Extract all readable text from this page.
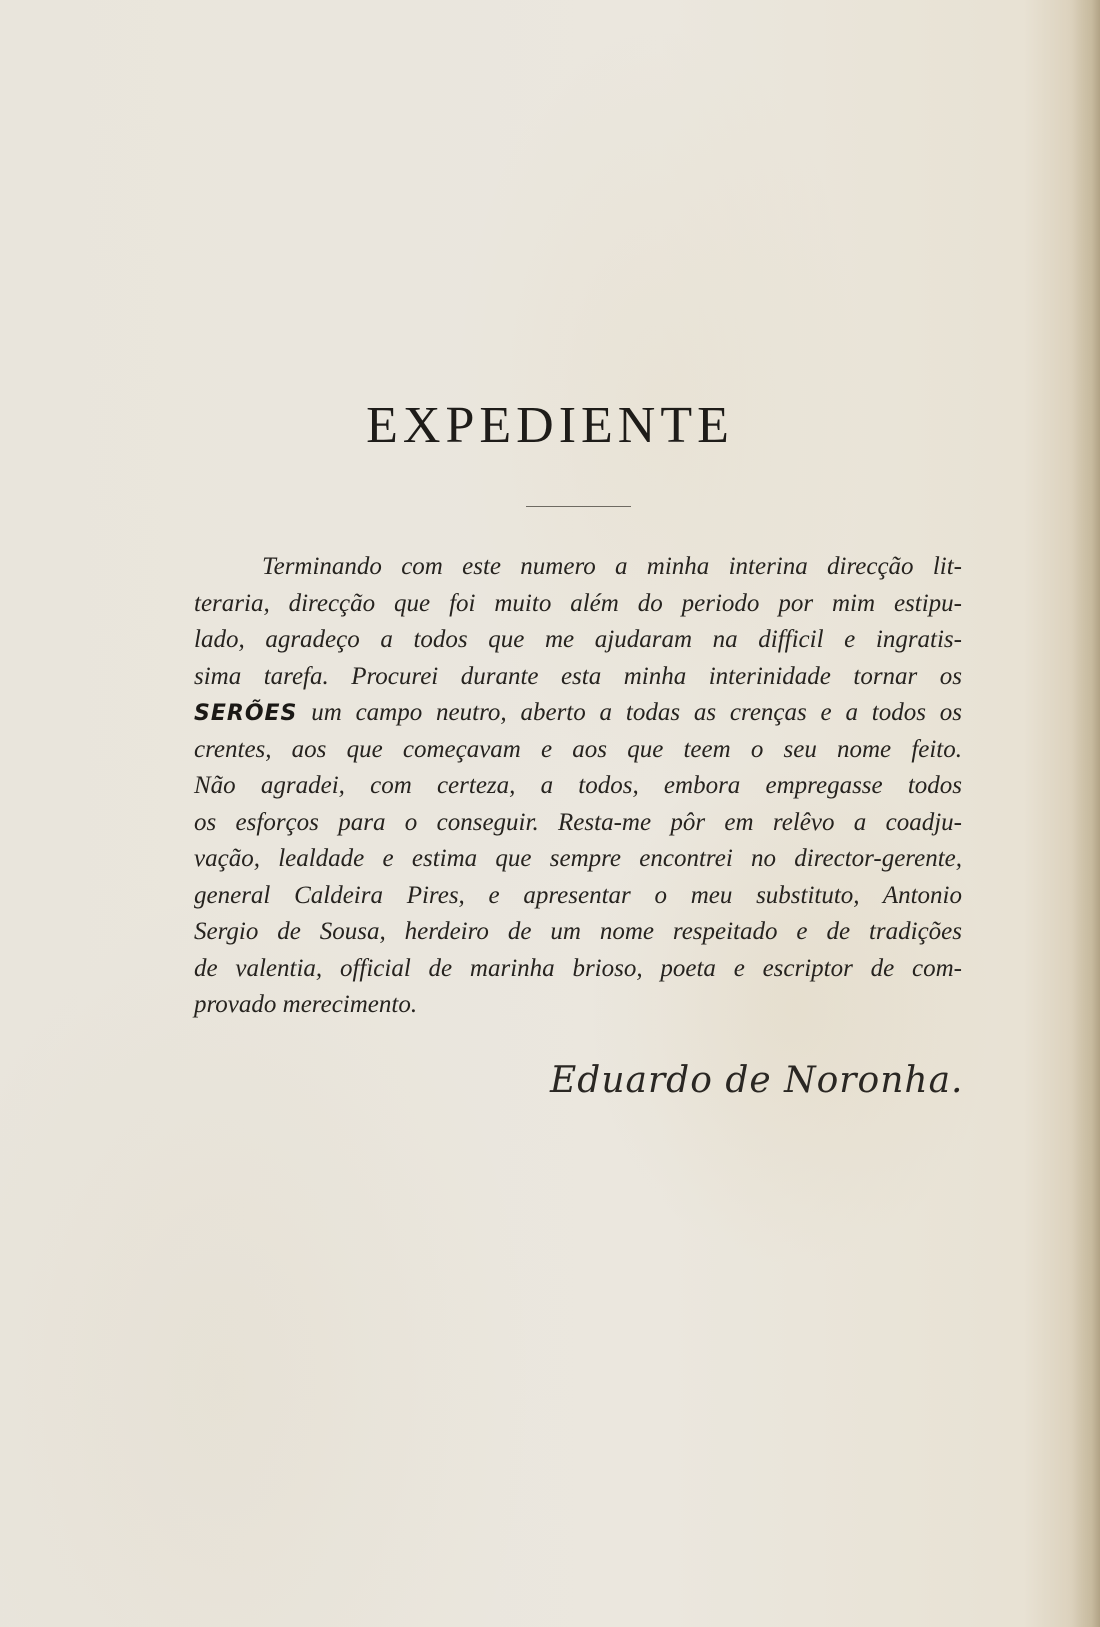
EXPEDIENTE
Terminando com este numero a minha interina direcção lit-
teraria, direcção que foi muito além do periodo por mim estipu-
lado, agradeço a todos que me ajudaram na difficil e ingratis-
sima tarefa. Procurei durante esta minha interinidade tornar os
SERÕES um campo neutro, aberto a todas as crenças e a todos os
crentes, aos que começavam e aos que teem o seu nome feito.
Não agradei, com certeza, a todos, embora empregasse todos
os esforços para o conseguir. Resta-me pôr em relêvo a coadju-
vação, lealdade e estima que sempre encontrei no director-gerente,
general Caldeira Pires, e apresentar o meu substituto, Antonio
Sergio de Sousa, herdeiro de um nome respeitado e de tradições
de valentia, official de marinha brioso, poeta e escriptor de com-
provado merecimento.
Eduardo de Noronha.
